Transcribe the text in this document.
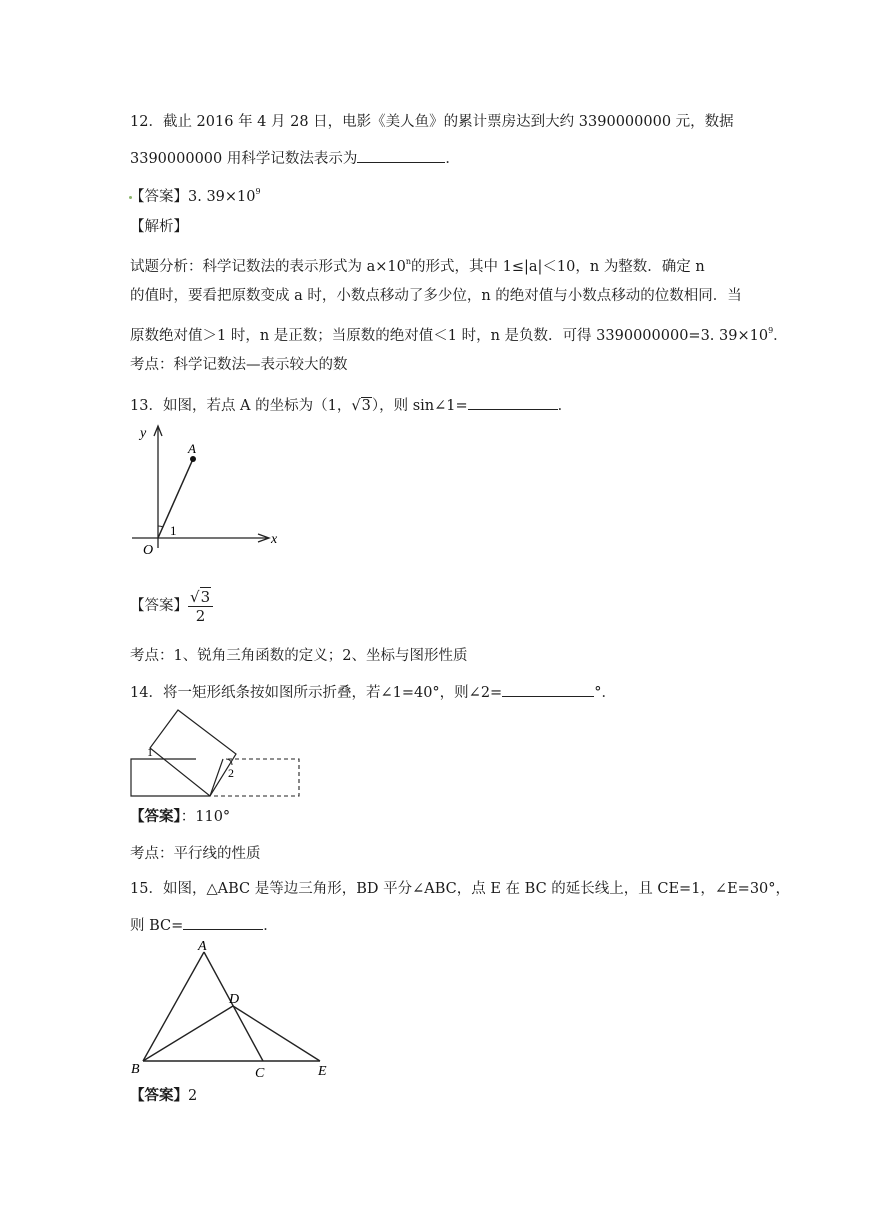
12．截止 2016 年 4 月 28 日，电影《美人鱼》的累计票房达到大约 3390000000 元，数据
3390000000 用科学记数法表示为	．
【答案】3. $39\times 10^9$
【解析】
试题分析：科学记数法的表示形式为 $a\times 10^n$的形式，其中 1≤|a|＜10，n 为整数．确定 n
的值时，要看把原数变成 a 时，小数点移动了多少位，n 的绝对值与小数点移动的位数相同．当
原数绝对值＞1 时，n 是正数；当原数的绝对值＜1 时，n 是负数．可得 3390000000=3. $39\times 10^9$．
考点：科学记数法—表示较大的数
13．如图，若点 A 的坐标为（1，√3），则 sin∠1=	．
y
x
O
A
1
【答案】 $\frac{√3}{2}$
考点：1、锐角三角函数的定义；2、坐标与图形性质
14．将一矩形纸条按如图所示折叠，若∠1=40°，则∠2=	°．
1
2
【答案】：110°
考点：平行线的性质
15．如图，△ABC 是等边三角形，BD 平分∠ABC，点 E 在 BC 的延长线上，且 CE=1，∠E=30°，
则 BC=	．
A
B	C
D
E
【答案】2
